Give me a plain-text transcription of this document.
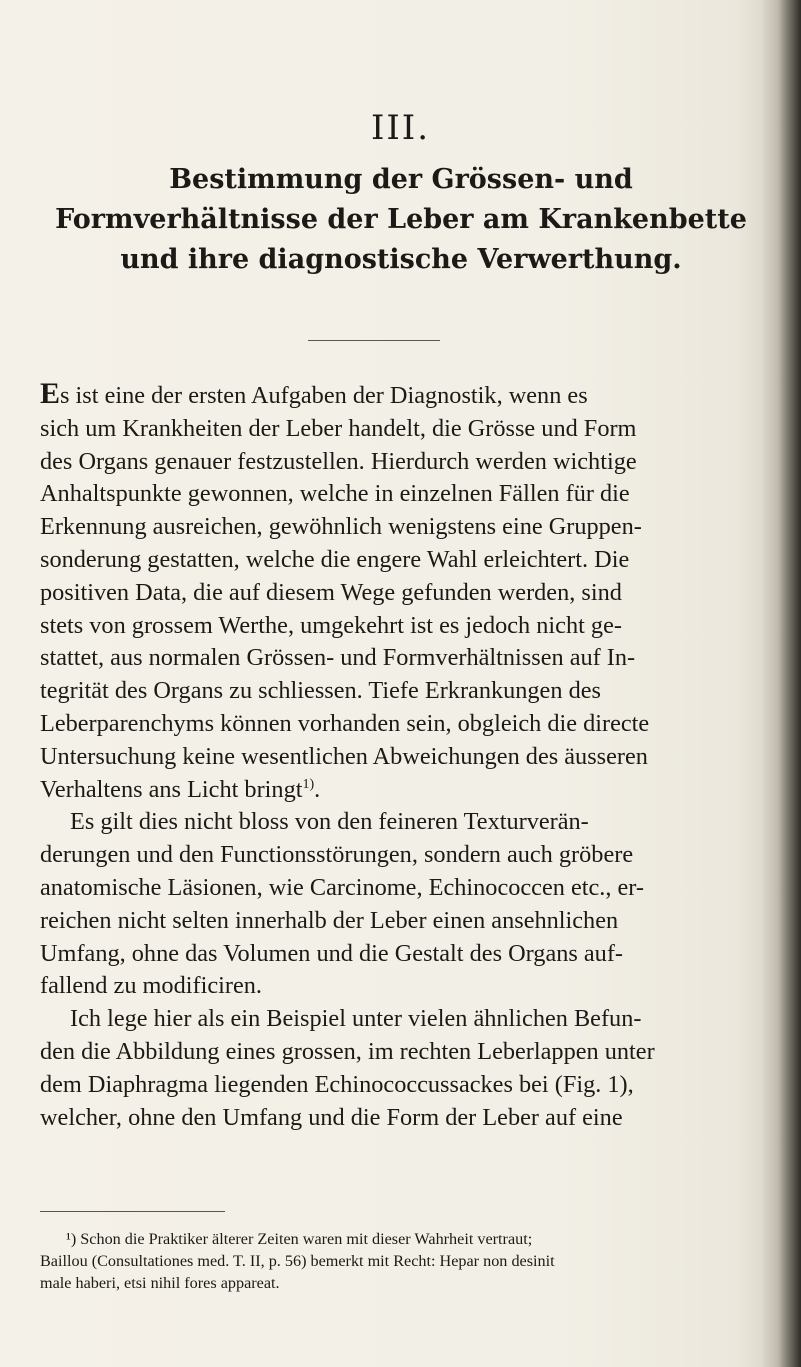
III.
Bestimmung der Grössen- und
Formverhältnisse der Leber am Krankenbette
und ihre diagnostische Verwerthung.
Es ist eine der ersten Aufgaben der Diagnostik, wenn es
sich um Krankheiten der Leber handelt, die Grösse und Form
des Organs genauer festzustellen. Hierdurch werden wichtige
Anhaltspunkte gewonnen, welche in einzelnen Fällen für die
Erkennung ausreichen, gewöhnlich wenigstens eine Gruppen-
sonderung gestatten, welche die engere Wahl erleichtert. Die
positiven Data, die auf diesem Wege gefunden werden, sind
stets von grossem Werthe, umgekehrt ist es jedoch nicht ge-
stattet, aus normalen Grössen- und Formverhältnissen auf In-
tegrität des Organs zu schliessen. Tiefe Erkrankungen des
Leberparenchyms können vorhanden sein, obgleich die directe
Untersuchung keine wesentlichen Abweichungen des äusseren
Verhaltens ans Licht bringt$^{1)}$.
Es gilt dies nicht bloss von den feineren Texturverän-
derungen und den Functionsstörungen, sondern auch gröbere
anatomische Läsionen, wie Carcinome, Echinococcen etc., er-
reichen nicht selten innerhalb der Leber einen ansehnlichen
Umfang, ohne das Volumen und die Gestalt des Organs auf-
fallend zu modificiren.
Ich lege hier als ein Beispiel unter vielen ähnlichen Befun-
den die Abbildung eines grossen, im rechten Leberlappen unter
dem Diaphragma liegenden Echinococcussackes bei (Fig. 1),
welcher, ohne den Umfang und die Form der Leber auf eine
¹) Schon die Praktiker älterer Zeiten waren mit dieser Wahrheit vertraut;
Baillou (Consultationes med. T. II, p. 56) bemerkt mit Recht: Hepar non desinit
male haberi, etsi nihil fores appareat.
